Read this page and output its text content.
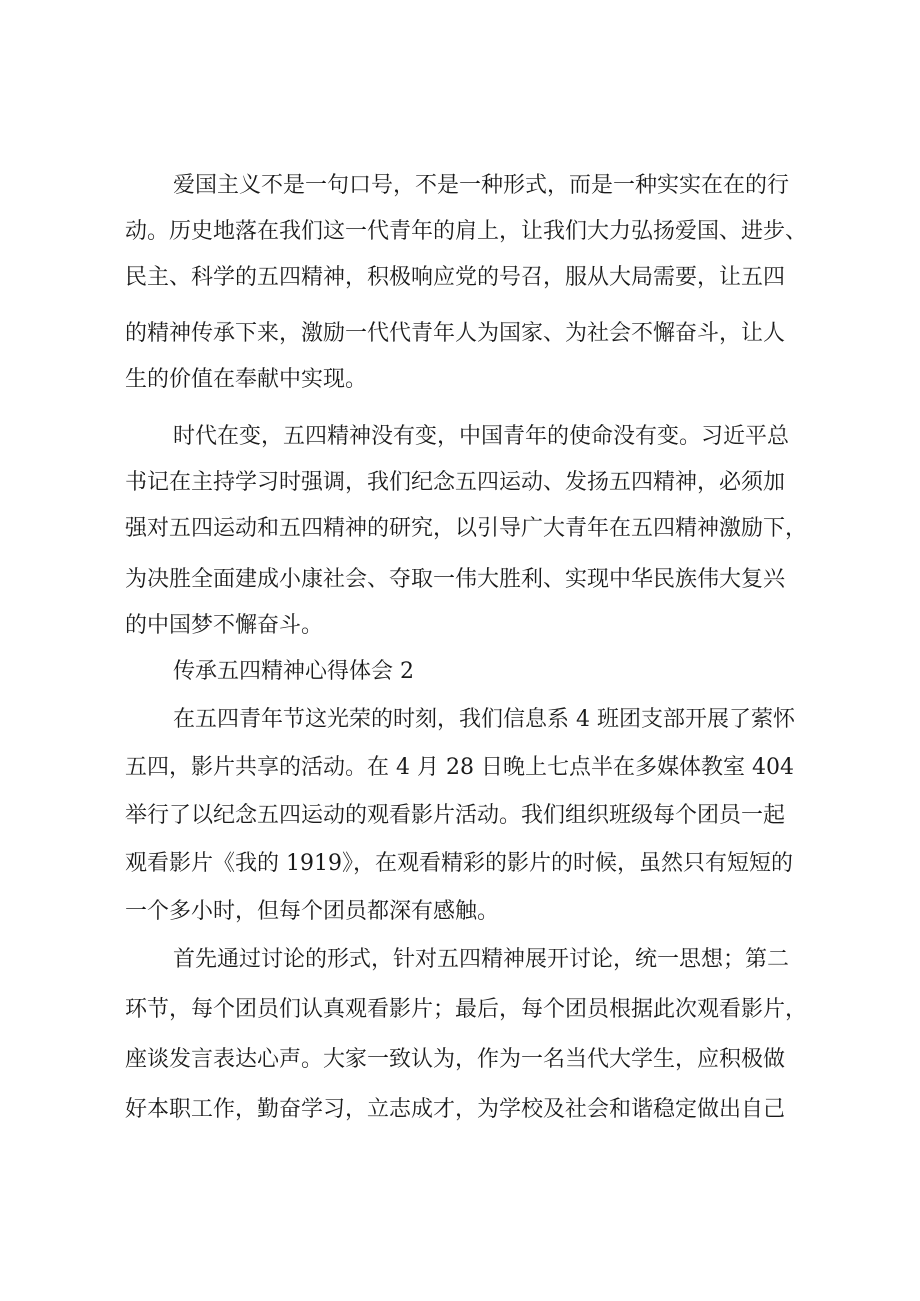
爱国主义不是一句口号，不是一种形式，而是一种实实在在的行
动。历史地落在我们这一代青年的肩上，让我们大力弘扬爱国、进步、
民主、科学的五四精神，积极响应党的号召，服从大局需要，让五四
的精神传承下来，激励一代代青年人为国家、为社会不懈奋斗，让人
生的价值在奉献中实现。
时代在变，五四精神没有变，中国青年的使命没有变。习近平总
书记在主持学习时强调，我们纪念五四运动、发扬五四精神，必须加
强对五四运动和五四精神的研究，以引导广大青年在五四精神激励下，
为决胜全面建成小康社会、夺取一伟大胜利、实现中华民族伟大复兴
的中国梦不懈奋斗。
传承五四精神心得体会 2
在五四青年节这光荣的时刻，我们信息系 4 班团支部开展了萦怀
五四，影片共享的活动。在 4 月 28 日晚上七点半在多媒体教室 404
举行了以纪念五四运动的观看影片活动。我们组织班级每个团员一起
观看影片《我的 1919》，在观看精彩的影片的时候，虽然只有短短的
一个多小时，但每个团员都深有感触。
首先通过讨论的形式，针对五四精神展开讨论，统一思想；第二
环节，每个团员们认真观看影片；最后，每个团员根据此次观看影片，
座谈发言表达心声。大家一致认为，作为一名当代大学生，应积极做
好本职工作，勤奋学习，立志成才，为学校及社会和谐稳定做出自己
